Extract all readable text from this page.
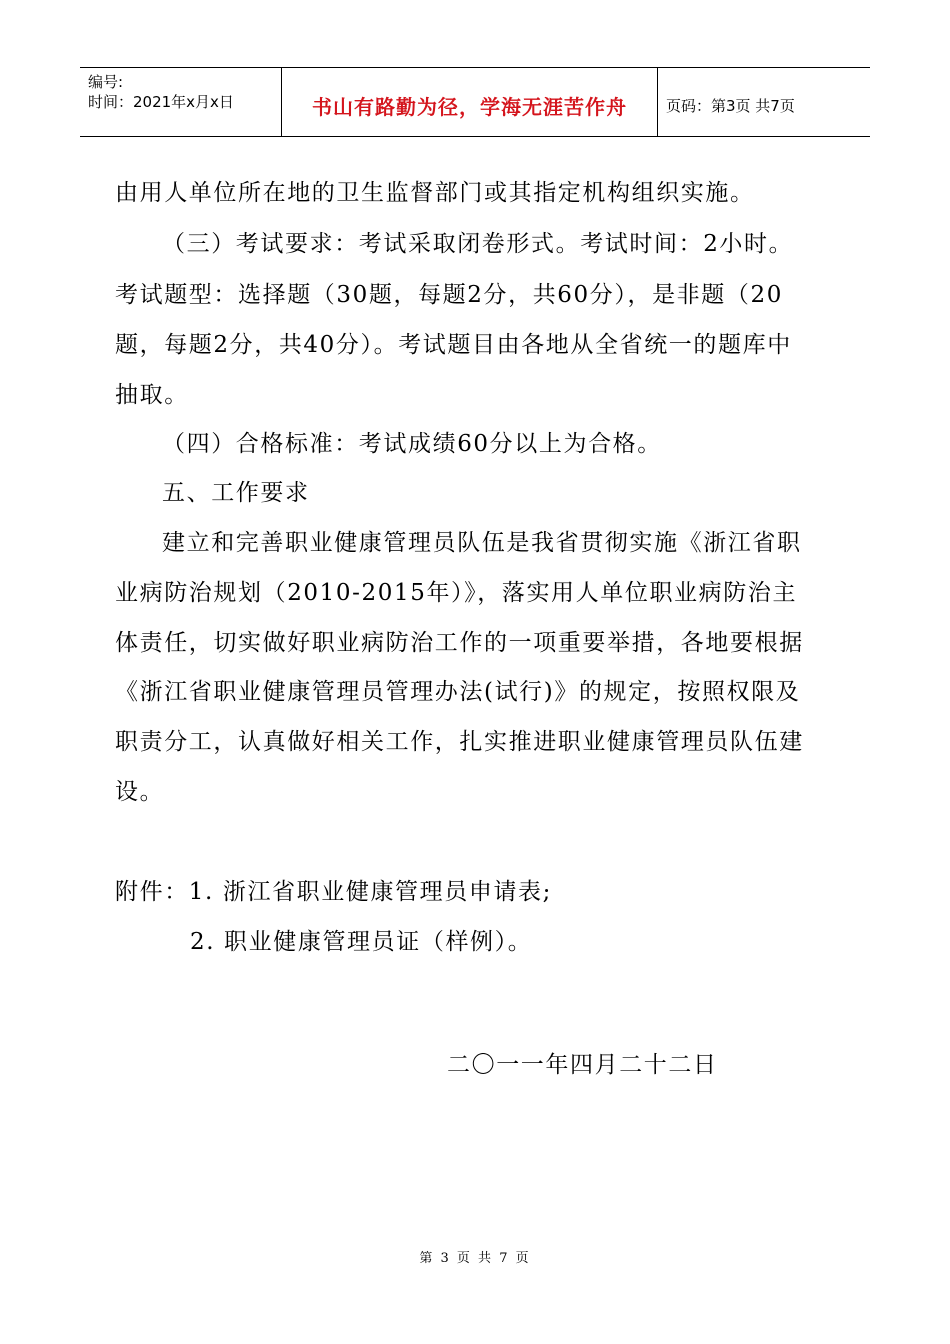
编号:
时间：2021年x月x日	书山有路勤为径，学海无涯苦作舟	页码：第3页 共7页
由用人单位所在地的卫生监督部门或其指定机构组织实施。
（三）考试要求：考试采取闭卷形式。考试时间：2小时。
考试题型：选择题（30题，每题2分，共60分），是非题（20
题，每题2分，共40分）。考试题目由各地从全省统一的题库中
抽取。
（四）合格标准：考试成绩60分以上为合格。
五、工作要求
建立和完善职业健康管理员队伍是我省贯彻实施《浙江省职
业病防治规划（2010-2015年）》，落实用人单位职业病防治主
体责任，切实做好职业病防治工作的一项重要举措，各地要根据
《浙江省职业健康管理员管理办法(试行)》的规定，按照权限及
职责分工，认真做好相关工作，扎实推进职业健康管理员队伍建
设。
附件：1. 浙江省职业健康管理员申请表;
2. 职业健康管理员证（样例）。
二〇一一年四月二十二日
第 3 页 共 7 页
